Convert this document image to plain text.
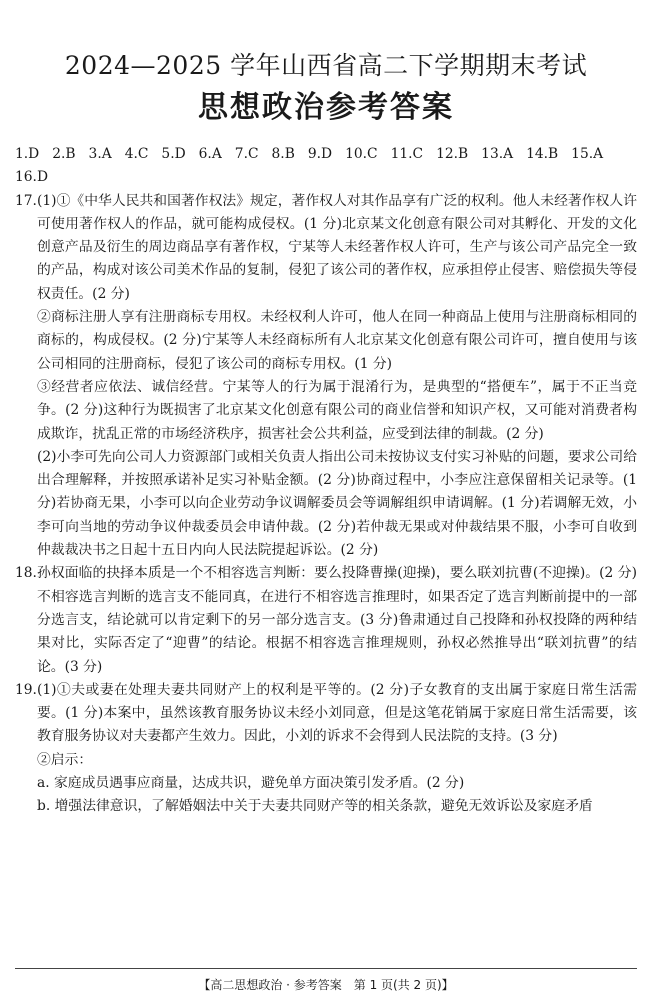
2024—2025 学年山西省高二下学期期末考试
思想政治参考答案
1.D 2.B 3.A 4.C 5.D 6.A 7.C 8.B 9.D 10.C 11.C 12.B 13.A 14.B 15.A
16.D

17.(1)①《中华人民共和国著作权法》规定，著作权人对其作品享有广泛的权利。他人未经著作权人许可使用著作权人的作品，就可能构成侵权。(1 分)北京某文化创意有限公司对其孵化、开发的文化创意产品及衍生的周边商品享有著作权，宁某等人未经著作权人许可，生产与该公司产品完全一致的产品，构成对该公司美术作品的复制，侵犯了该公司的著作权，应承担停止侵害、赔偿损失等侵权责任。(2 分)

②商标注册人享有注册商标专用权。未经权利人许可，他人在同一种商品上使用与注册商标相同的商标的，构成侵权。(2 分)宁某等人未经商标所有人北京某文化创意有限公司许可，擅自使用与该公司相同的注册商标，侵犯了该公司的商标专用权。(1 分)

③经营者应依法、诚信经营。宁某等人的行为属于混淆行为，是典型的“搭便车”，属于不正当竞争。(2 分)这种行为既损害了北京某文化创意有限公司的商业信誉和知识产权，又可能对消费者构成欺诈，扰乱正常的市场经济秩序，损害社会公共利益，应受到法律的制裁。(2 分)

(2)小李可先向公司人力资源部门或相关负责人指出公司未按协议支付实习补贴的问题，要求公司给出合理解释，并按照承诺补足实习补贴金额。(2 分)协商过程中，小李应注意保留相关记录等。(1 分)若协商无果，小李可以向企业劳动争议调解委员会等调解组织申请调解。(1 分)若调解无效，小李可向当地的劳动争议仲裁委员会申请仲裁。(2 分)若仲裁无果或对仲裁结果不服，小李可自收到仲裁裁决书之日起十五日内向人民法院提起诉讼。(2 分)

18.孙权面临的抉择本质是一个不相容选言判断：要么投降曹操(迎操)，要么联刘抗曹(不迎操)。(2 分)不相容选言判断的选言支不能同真，在进行不相容选言推理时，如果否定了选言判断前提中的一部分选言支，结论就可以肯定剩下的另一部分选言支。(3 分)鲁肃通过自己投降和孙权投降的两种结果对比，实际否定了“迎曹”的结论。根据不相容选言推理规则，孙权必然推导出“联刘抗曹”的结论。(3 分)

19.(1)①夫或妻在处理夫妻共同财产上的权利是平等的。(2 分)子女教育的支出属于家庭日常生活需要。(1 分)本案中，虽然该教育服务协议未经小刘同意，但是这笔花销属于家庭日常生活需要，该教育服务协议对夫妻都产生效力。因此，小刘的诉求不会得到人民法院的支持。(3 分)

②启示：

a. 家庭成员遇事应商量，达成共识，避免单方面决策引发矛盾。(2 分)

b. 增强法律意识，了解婚姻法中关于夫妻共同财产等的相关条款，避免无效诉讼及家庭矛盾

【高二思想政治 · 参考答案　第 1 页(共 2 页)】
